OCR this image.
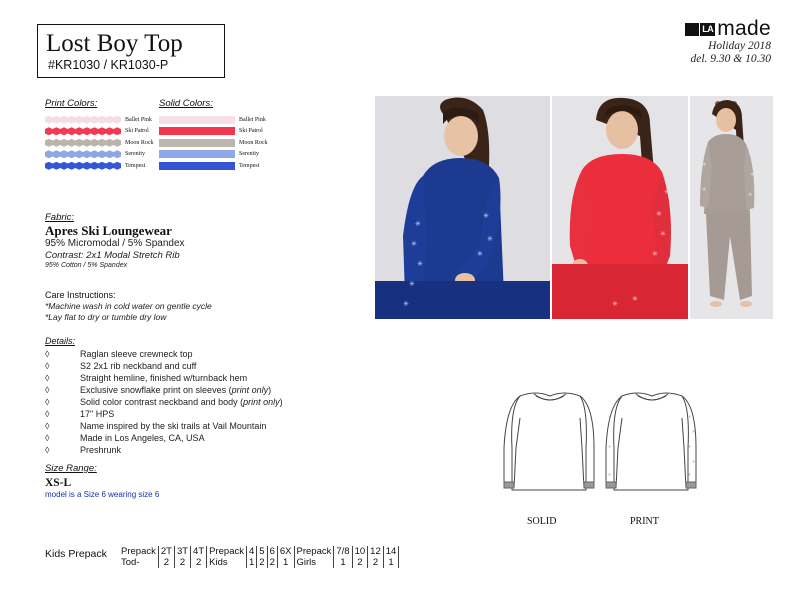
Lost Boy Top
#KR1030 / KR1030-P
LA made
Holiday 2018
del. 9.30 & 10.30
Print Colors:
Ballet Pink
Ski Patrol
Moon Rock
Serenity
Tempest
Solid Colors:
Ballet Pink
Ski Patrol
Moon Rock
Serenity
Tempest
Fabric:
Apres Ski Loungewear
95% Micromodal / 5% Spandex
Contrast: 2x1 Modal Stretch Rib
95% Cotton / 5% Spandex
Care Instructions:
*Machine wash in cold water on gentle cycle
*Lay flat to dry or tumble dry low
Details:
◊	Raglan sleeve crewneck top
◊	S2 2x1 rib neckband and cuff
◊	Straight hemline, finished w/turnback hem
◊	Exclusive snowflake print on sleeves (print only)
◊	Solid color contrast neckband and body (print only)
◊	17" HPS
◊	Name inspired by the ski trails at Vail Mountain
◊	Made in Los Angeles, CA, USA
◊	Preshrunk
Size Range:
XS-L
model is a Size 6 wearing size 6
✳
✳
✳
✳
✳
✳
✳
✳
✳
✳
✳
✳
✳
✳
✳
✳
✳
✳
✳
✳
✳
✳
✳
✳
✳
✳
✳
✳
✳
SOLID	PRINT
Kids Prepack Prepack	2T	3T	4T	Prepack	4	5	6	6X	Prepack	7/8	10	12	14
Tod-	2	2	2	Kids	1	2	2	1	Girls	1	2	2	1
